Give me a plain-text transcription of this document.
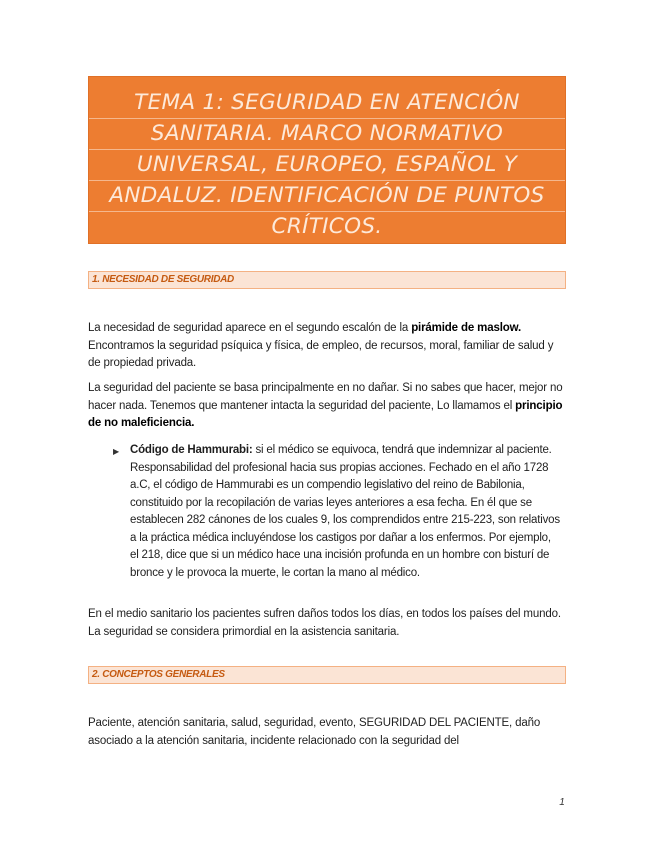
TEMA 1: SEGURIDAD EN ATENCIÓN
SANITARIA. MARCO NORMATIVO
UNIVERSAL, EUROPEO, ESPAÑOL Y
ANDALUZ. IDENTIFICACIÓN DE PUNTOS
CRÍTICOS.
1. NECESIDAD DE SEGURIDAD
La necesidad de seguridad aparece en el segundo escalón de la pirámide de maslow. Encontramos la seguridad psíquica y física, de empleo, de recursos, moral, familiar de salud y de propiedad privada.
La seguridad del paciente se basa principalmente en no dañar. Si no sabes que hacer, mejor no hacer nada. Tenemos que mantener intacta la seguridad del paciente, Lo llamamos el principio de no maleficiencia.
▶ Código de Hammurabi: si el médico se equivoca, tendrá que indemnizar al paciente. Responsabilidad del profesional hacia sus propias acciones. Fechado en el año 1728 a.C, el código de Hammurabi es un compendio legislativo del reino de Babilonia, constituido por la recopilación de varias leyes anteriores a esa fecha. En él que se establecen 282 cánones de los cuales 9, los comprendidos entre 215-223, son relativos a la práctica médica incluyéndose los castigos por dañar a los enfermos. Por ejemplo, el 218, dice que si un médico hace una incisión profunda en un hombre con bisturí de bronce y le provoca la muerte, le cortan la mano al médico.
En el medio sanitario los pacientes sufren daños todos los días, en todos los países del mundo. La seguridad se considera primordial en la asistencia sanitaria.
2. CONCEPTOS GENERALES
Paciente, atención sanitaria, salud, seguridad, evento, SEGURIDAD DEL PACIENTE, daño asociado a la atención sanitaria, incidente relacionado con la seguridad del
1
